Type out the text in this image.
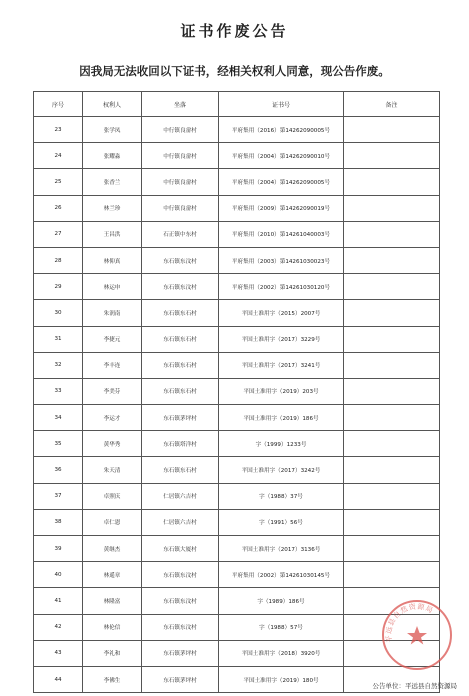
证书作废公告
因我局无法收回以下证书，经相关权利人同意，现公告作废。
序号	权利人	坐落	证书号	备注
23	张学凤	中行镇良畲村	平府集用（2016）第14262090005号	
24	张耀淼	中行镇良畲村	平府集用（2004）第14262090010号	
25	张香兰	中行镇良畲村	平府集用（2004）第14262090005号	
26	林兰珍	中行镇良畲村	平府集用（2009）第14262090019号	
27	王昌洪	石正镇中东村	平府集用（2010）第14261040003号	
28	林仰真	东石镇东汶村	平府集用（2003）第14261030023号	
29	林运申	东石镇东汶村	平府集用（2002）第14261030120号	
30	朱润南	东石镇东石村	平国土准用字（2015）2007号	
31	李捷元	东石镇东石村	平国土准用字（2017）3229号	
32	李丰连	东石镇东石村	平国土准用字（2017）3241号	
33	李美芬	东石镇东石村	平国土准用字（2019）203号	
34	李运才	东石镇茅坪村	平国土准用字（2019）186号	
35	黄华秀	东石镇塔洋村	字（1999）1233号	
36	朱天清	东石镇东石村	平国土准用字（2017）3242号	
37	卓照庆	仁居镇六吉村	字（1988）37号	
38	卓仁恩	仁居镇六吉村	字（1991）56号	
39	黄继杰	东石镇大厦村	平国土准用字（2017）3136号	
40	林遥章	东石镇东汶村	平府集用（2002）第14261030145号	
41	林隆富	东石镇东汶村	字（1989）186号	
42	林伦信	东石镇东汶村	字（1988）57号	
43	李礼和	东石镇茅坪村	平国土准用字（2018）3920号	
44	李佛生	东石镇茅坪村	平国土准用字（2019）180号	
平远县自然资源局
公告单位：平远县自然资源局
